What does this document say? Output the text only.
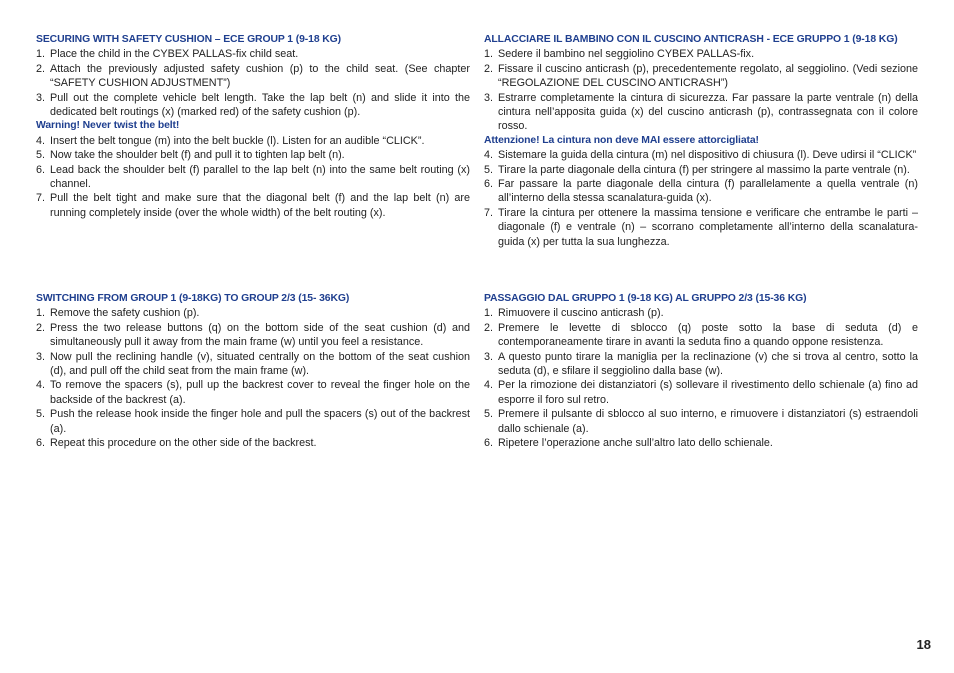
SECURING WITH SAFETY CUSHION – ECE GROUP 1 (9-18 KG)

1. Place the child in the CYBEX PALLAS-fix child seat.
2. Attach the previously adjusted safety cushion (p) to the child seat. (See chapter “SAFETY CUSHION ADJUSTMENT”)
3. Pull out the complete vehicle belt length. Take the lap belt (n) and slide it into the dedicated belt routings (x) (marked red) of the safety cushion (p).

Warning! Never twist the belt!

4. Insert the belt tongue (m) into the belt buckle (l). Listen for an audible “CLICK”.
5. Now take the shoulder belt (f) and pull it to tighten lap belt (n).
6. Lead back the shoulder belt (f) parallel to the lap belt (n) into the same belt routing (x) channel.
7. Pull the belt tight and make sure that the diagonal belt (f) and the lap belt (n) are running completely inside (over the whole width) of the belt routing (x).

ALLACCIARE IL BAMBINO CON IL CUSCINO ANTICRASH - ECE GRUPPO 1 (9-18 KG)

1. Sedere il bambino nel seggiolino CYBEX PALLAS-fix.
2. Fissare il cuscino anticrash (p), precedentemente regolato, al seggiolino. (Vedi sezione “REGOLAZIONE DEL CUSCINO ANTICRASH”)
3. Estrarre completamente la cintura di sicurezza. Far passare la parte ventrale (n) della cintura nell’apposita guida (x) del cuscino anticrash (p), contrassegnata con il colore rosso.

Attenzione! La cintura non deve MAI essere attorcigliata!

4. Sistemare la guida della cintura (m) nel dispositivo di chiusura (l). Deve udirsi il “CLICK”
5. Tirare la parte diagonale della cintura (f) per stringere al massimo la parte ventrale (n).
6. Far passare la parte diagonale della cintura (f) parallelamente a quella ventrale (n) all’interno della stessa scanalatura-guida (x).
7. Tirare la cintura per ottenere la massima tensione e verificare che entrambe le parti – diagonale (f) e ventrale (n) – scorrano completamente all’interno della scanalatura-guida (x) per tutta la sua lunghezza.

SWITCHING FROM GROUP 1 (9-18KG) TO GROUP 2/3 (15- 36KG)

1. Remove the safety cushion (p).
2. Press the two release buttons (q) on the bottom side of the seat cushion (d) and simultaneously pull it away from the main frame (w) until you feel a resistance.
3. Now pull the reclining handle (v), situated centrally on the bottom of the seat cushion (d), and pull off the child seat from the main frame (w).
4. To remove the spacers (s), pull up the backrest cover to reveal the finger hole on the backside of the backrest (a).
5. Push the release hook inside the finger hole and pull the spacers (s) out of the backrest (a).
6. Repeat this procedure on the other side of the backrest.

PASSAGGIO DAL GRUPPO 1 (9-18 KG) AL GRUPPO 2/3 (15-36 KG)

1. Rimuovere il cuscino anticrash (p).
2. Premere le levette di sblocco (q) poste sotto la base di seduta (d) e contemporaneamente tirare in avanti la seduta fino a quando oppone resistenza.
3. A questo punto tirare la maniglia per la reclinazione (v) che si trova al centro, sotto la seduta (d), e sfilare il seggiolino dalla base (w).
4. Per la rimozione dei distanziatori (s) sollevare il rivestimento dello schienale (a) fino ad esporre il foro sul retro.
5. Premere il pulsante di sblocco al suo interno, e rimuovere i distanziatori (s) estraendoli dallo schienale (a).
6. Ripetere l’operazione anche sull’altro lato dello schienale.
18
